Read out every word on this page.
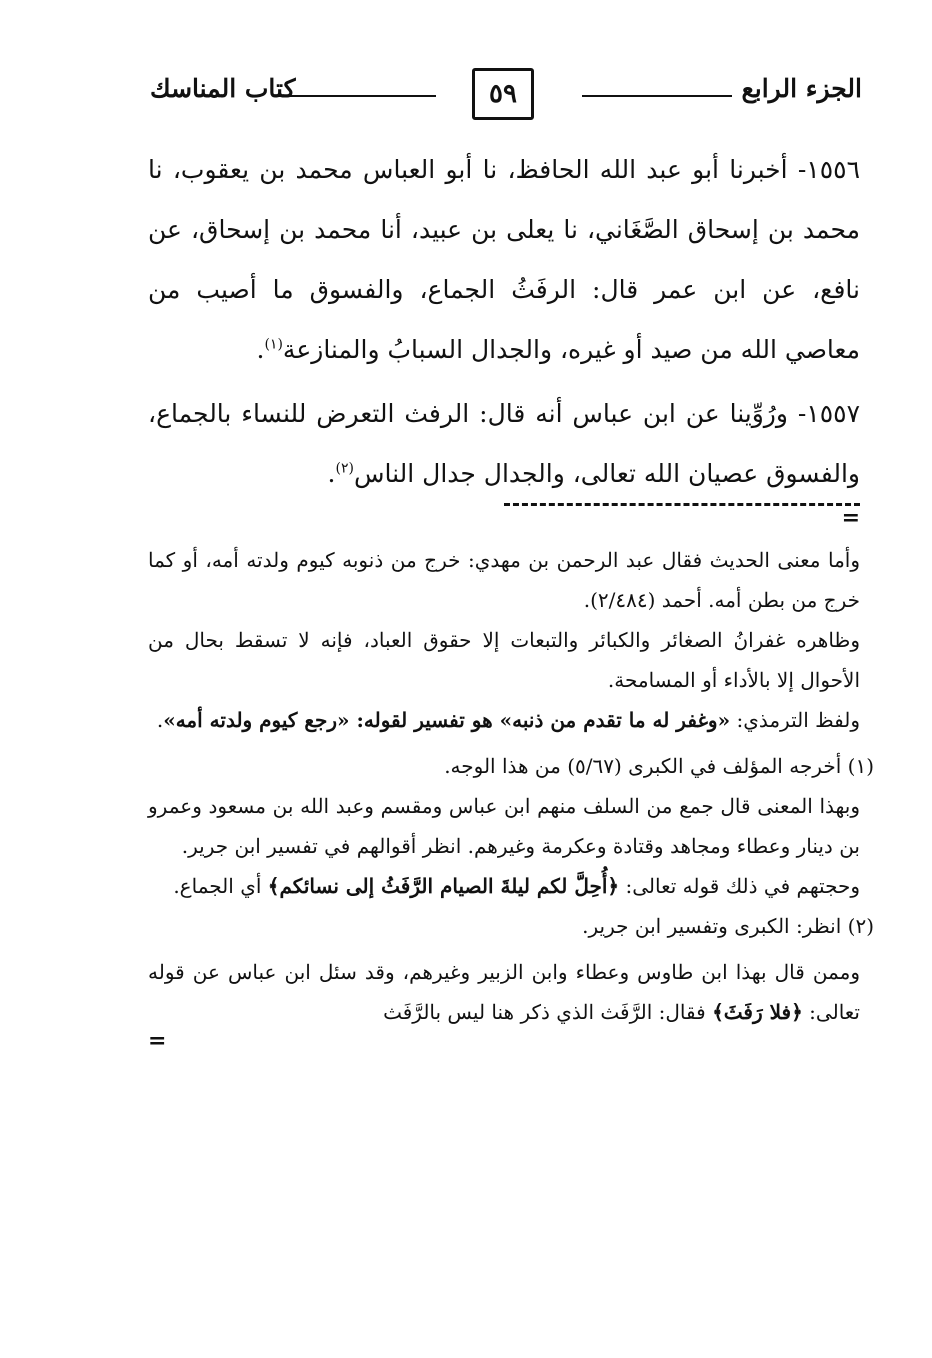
الجزء الرابع
٥٩
كتاب المناسك

١٥٥٦- أخبرنا أبو عبد الله الحافظ، نا أبو العباس محمد بن يعقوب، نا محمد بن إسحاق الصَّغَاني، نا يعلى بن عبيد، أنا محمد بن إسحاق، عن نافع، عن ابن عمر قال: الرفَثُ الجماع، والفسوق ما أصيب من معاصي الله من صيد أو غيره، والجدال السبابُ والمنازعة$^{(١)}$.

١٥٥٧- ورُوِّينا عن ابن عباس أنه قال: الرفث التعرض للنساء بالجماع، والفسوق عصيان الله تعالى، والجدال جدال الناس$^{(٢)}$.

=

وأما معنى الحديث فقال عبد الرحمن بن مهدي: خرج من ذنوبه كيوم ولدته أمه، أو كما خرج من بطن أمه. أحمد (٢/٤٨٤).

وظاهره غفرانُ الصغائر والكبائر والتبعات إلا حقوق العباد، فإنه لا تسقط بحال من الأحوال إلا بالأداء أو المسامحة.

ولفظ الترمذي: «وغفر له ما تقدم من ذنبه» هو تفسير لقوله: «رجع كيوم ولدته أمه».

(١) أخرجه المؤلف في الكبرى (٥/٦٧) من هذا الوجه.

وبهذا المعنى قال جمع من السلف منهم ابن عباس ومقسم وعبد الله بن مسعود وعمرو بن دينار وعطاء ومجاهد وقتادة وعكرمة وغيرهم. انظر أقوالهم في تفسير ابن جرير.

وحجتهم في ذلك قوله تعالى: ﴿أُحِلَّ لكم ليلةَ الصيام الرَّفَثُ إلى نسائكم﴾ أي الجماع.

(٢) انظر: الكبرى وتفسير ابن جرير.

وممن قال بهذا ابن طاوس وعطاء وابن الزبير وغيرهم، وقد سئل ابن عباس عن قوله تعالى: ﴿فلا رَفَثَ﴾ فقال: الرَّفَث الذي ذكر هنا ليس بالرَّفَث

=
